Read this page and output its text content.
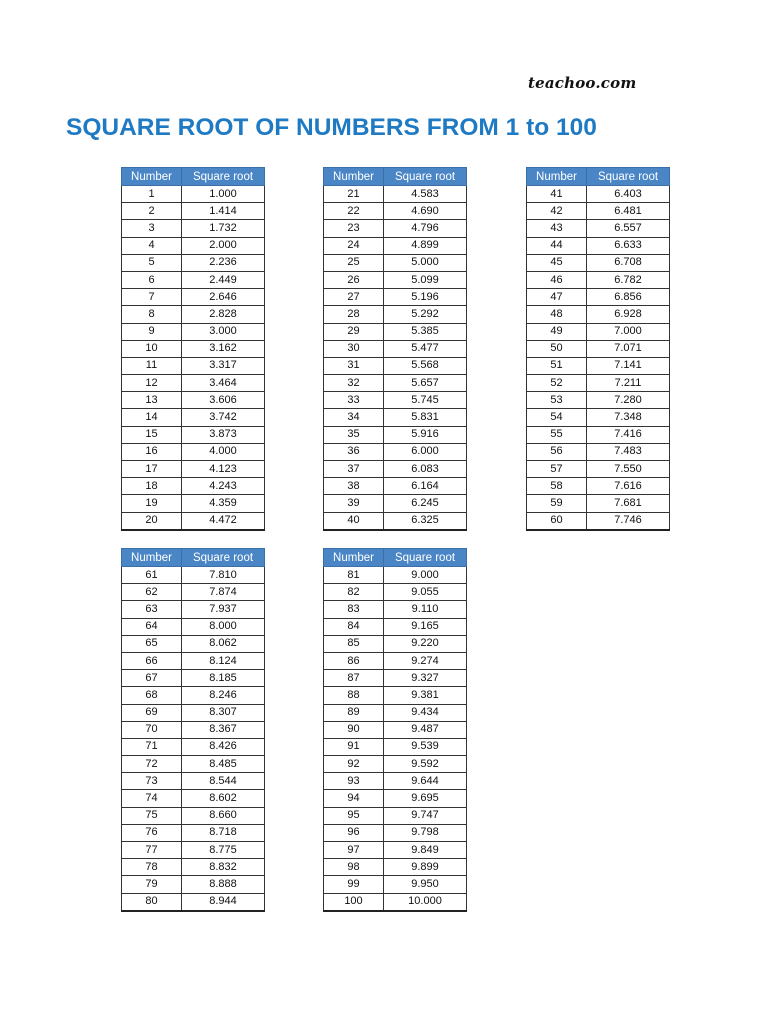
teachoo.com
SQUARE ROOT OF NUMBERS FROM 1 to 100
Number	Square root
1	1.000
2	1.414
3	1.732
4	2.000
5	2.236
6	2.449
7	2.646
8	2.828
9	3.000
10	3.162
11	3.317
12	3.464
13	3.606
14	3.742
15	3.873
16	4.000
17	4.123
18	4.243
19	4.359
20	4.472
Number	Square root
21	4.583
22	4.690
23	4.796
24	4.899
25	5.000
26	5.099
27	5.196
28	5.292
29	5.385
30	5.477
31	5.568
32	5.657
33	5.745
34	5.831
35	5.916
36	6.000
37	6.083
38	6.164
39	6.245
40	6.325
Number	Square root
41	6.403
42	6.481
43	6.557
44	6.633
45	6.708
46	6.782
47	6.856
48	6.928
49	7.000
50	7.071
51	7.141
52	7.211
53	7.280
54	7.348
55	7.416
56	7.483
57	7.550
58	7.616
59	7.681
60	7.746
Number	Square root
61	7.810
62	7.874
63	7.937
64	8.000
65	8.062
66	8.124
67	8.185
68	8.246
69	8.307
70	8.367
71	8.426
72	8.485
73	8.544
74	8.602
75	8.660
76	8.718
77	8.775
78	8.832
79	8.888
80	8.944
Number	Square root
81	9.000
82	9.055
83	9.110
84	9.165
85	9.220
86	9.274
87	9.327
88	9.381
89	9.434
90	9.487
91	9.539
92	9.592
93	9.644
94	9.695
95	9.747
96	9.798
97	9.849
98	9.899
99	9.950
100	10.000
